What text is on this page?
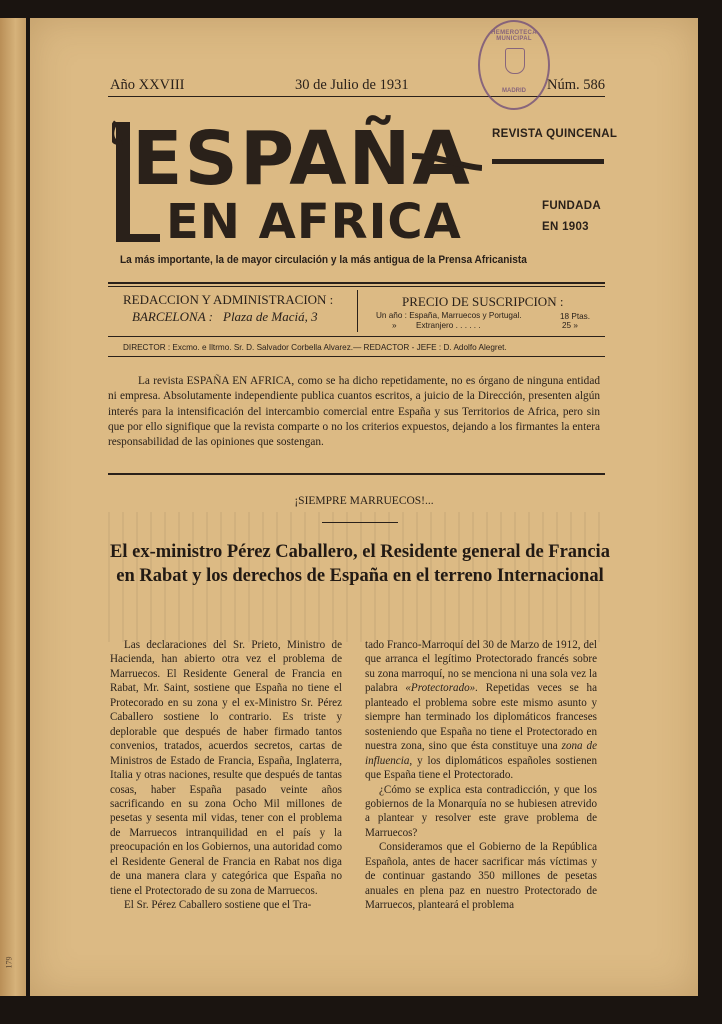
179
Año XXVIII	30 de Julio de 1931	Núm. 586
HEMEROTECA MUNICIPAL
MADRID
ESPAÑA
EN AFRICA
REVISTA QUINCENAL
FUNDADA
EN 1903
La más importante, la de mayor circulación y la más antigua de la Prensa Africanista
REDACCION Y ADMINISTRACION :
BARCELONA : Plaza de Maciá, 3
PRECIO DE SUSCRIPCION :
Un año : España, Marruecos y Portugal.	18 Ptas.
» Extranjero . . . . . .	25 »
DIRECTOR : Excmo. e Iltrmo. Sr. D. Salvador Corbella Alvarez.— REDACTOR - JEFE : D. Adolfo Alegret.

La revista ESPAÑA EN AFRICA, como se ha dicho repetidamente, no es órgano de ninguna entidad ni empresa. Absolutamente independiente publica cuantos escritos, a juicio de la Dirección, presenten algún interés para la intensificación del intercambio comercial entre España y sus Territorios de Africa, pero sin que por ello signifique que la revista comparte o no los criterios expuestos, dejando a los firmantes la entera responsabilidad de las opiniones que sostengan.

¡SIEMPRE MARRUECOS!...
El ex-ministro Pérez Caballero, el Residente general de Francia en Rabat y los derechos de España en el terreno Internacional

Las declaraciones del Sr. Prieto, Ministro de Hacienda, han abierto otra vez el problema de Marruecos. El Residente General de Francia en Rabat, Mr. Saint, sostiene que España no tiene el Protecorado en su zona y el ex-Ministro Sr. Pérez Caballero sostiene lo contrario. Es triste y deplorable que después de haber firmado tantos convenios, tratados, acuerdos secretos, cartas de Ministros de Estado de Francia, España, Inglaterra, Italia y otras naciones, resulte que después de tantas cosas, haber España pasado veinte años sacrificando en su zona Ocho Mil millones de pesetas y sesenta mil vidas, tener con el problema de Marruecos intranquilidad en el país y la preocupación en los Gobiernos, una autoridad como el Residente General de Francia en Rabat nos diga de una manera clara y categórica que España no tiene el Protectorado de su zona de Marruecos.

El Sr. Pérez Caballero sostiene que el Tra-

tado Franco-Marroquí del 30 de Marzo de 1912, del que arranca el legítimo Protectorado francés sobre su zona marroquí, no se menciona ni una sola vez la palabra «Protectorado». Repetidas veces se ha planteado el problema sobre este mismo asunto y siempre han terminado los diplomáticos franceses sosteniendo que España no tiene el Protectorado en nuestra zona, sino que ésta constituye una zona de influencia, y los diplomáticos españoles sostienen que España tiene el Protectorado.

¿Cómo se explica esta contradicción, y que los gobiernos de la Monarquía no se hubiesen atrevido a plantear y resolver este grave problema de Marruecos?

Consideramos que el Gobierno de la República Española, antes de hacer sacrificar más víctimas y de continuar gastando 350 millones de pesetas anuales en plena paz en nuestro Protectorado de Marruecos, planteará el problema
